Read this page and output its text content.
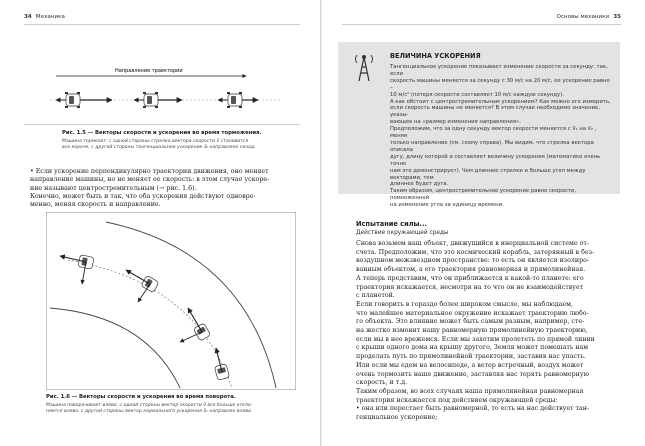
34 Механика
Направление траектории
Рис. 1.5 — Векторы скорости и ускорения во время торможения.
Машина тормозит: с одной стороны стрелка вектора скорости v⃗ становится
все короче, с другой стороны тангенциальное ускорение a⃗ₜ направлено назад.
• Если ускорение перпендикулярно траектории движения, оно меняет
направление машины, но не меняет ее скорость: в этом случае ускоре-
ние называют центростремительным (→ рис. 1.6).
Конечно, может быть и так, что оба ускорения действуют одновре-
менно, меняя скорость и направление.
Рис. 1.6 — Векторы скорости и ускорения во время поворота.
Машина поворачивает влево: с одной стороны вектор скорости v⃗ все больше откло-
няется влево, с другой стороны вектор нормального ускорения a⃗ₙ направлен влево.
Основы механики 35
ВЕЛИЧИНА УСКОРЕНИЯ
Тангенциальное ускорение показывает изменение скорости за секунду: так, если
скорость машины меняется за секунду с 30 м/с на 20 м/с, ее ускорение равно –
10 м/с² (потеря скорости составляет 10 м/с каждую секунду).
А как обстоит с центростремительным ускорением? Как можно его измерить,
если скорость машины не меняется? В этом случае необходимо значение, указы-
вающее на «размер изменения направления».
Предположим, что за одну секунду вектор скорости меняется с v⃗₁ на v⃗₂ , меняя
только направление (см. схему справа). Мы видим, что стрелка вектора описала
дугу, длину которой и составляет величину ускорения (математико очень точно
нам это демонстрирует). Чем длиннее стрелки и больше угол между векторами, тем
длиннее будет дуга.
Таким образом, центростремительное ускорение равно скорости, помноженной
на изменение угла за единицу времени.
Испытание силы...
Действие окружающей среды
Снова возьмем наш объект, движущийся в инерциальной системе от-
счета. Предположим, что это космический корабль, затерянный в без-
воздушном межзвездном пространстве: то есть он является изолиро-
ванным объектом, а его траектория равномерная и прямолинейная.
А теперь представим, что он приближается к какой-то планете: его
траектория искажается, несмотря на то что он не взаимодействует
с планетой.
Если говорить в гораздо более широком смысле, мы наблюдаем,
что малейшее материальное окружение искажает траекторию любо-
го объекта. Это влияние может быть самым разным, например, сте-
на жестко изменит нашу равномерную прямолинейную траекторию,
если мы в нее врежемся. Если мы захотим пролететь по прямой линии
с крыши одного дома на крышу другого, Земля может помешать нам
проделать путь по прямолинейной траектории, заставив нас упасть.
Или если мы едем на велосипеде, а ветер встречный, воздух может
очень тормозить наше движение, заставляя нас терять равномерную
скорость, и т.д.
Таким образом, во всех случаях наша прямолинейная равномерная
траектория искажается под действием окружающей среды:
• она или перестает быть равномерной, то есть на нас действует тан-
генциальное ускорение;
